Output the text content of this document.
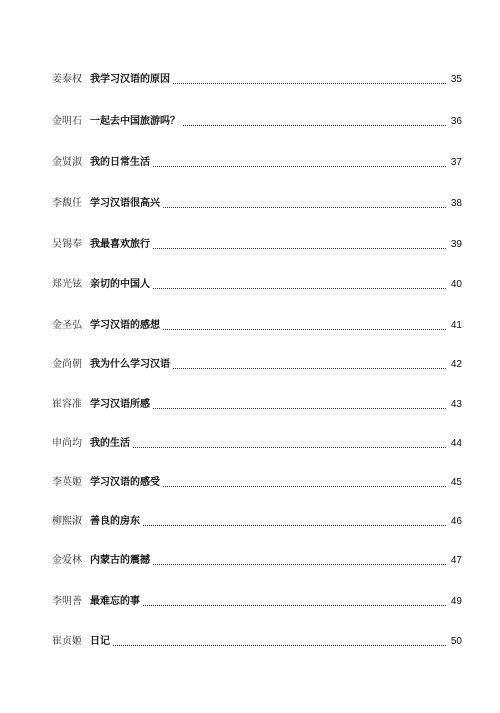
姜泰权 我学习汉语的原因	35
金明石 一起去中国旅游吗？	36
金贤淑 我的日常生活	37
李馥任 学习汉语很高兴	38
吴锡奉 我最喜欢旅行	39
郑光铉 亲切的中国人	40
金圣弘 学习汉语的感想	41
金尚朝 我为什么学习汉语	42
崔容准 学习汉语所感	43
申尚均 我的生活	44
李英姬 学习汉语的感受	45
柳熙淑 善良的房东	46
金爱林 内蒙古的震撼	47
李明善 最难忘的事	49
崔贞姬 日记	50
